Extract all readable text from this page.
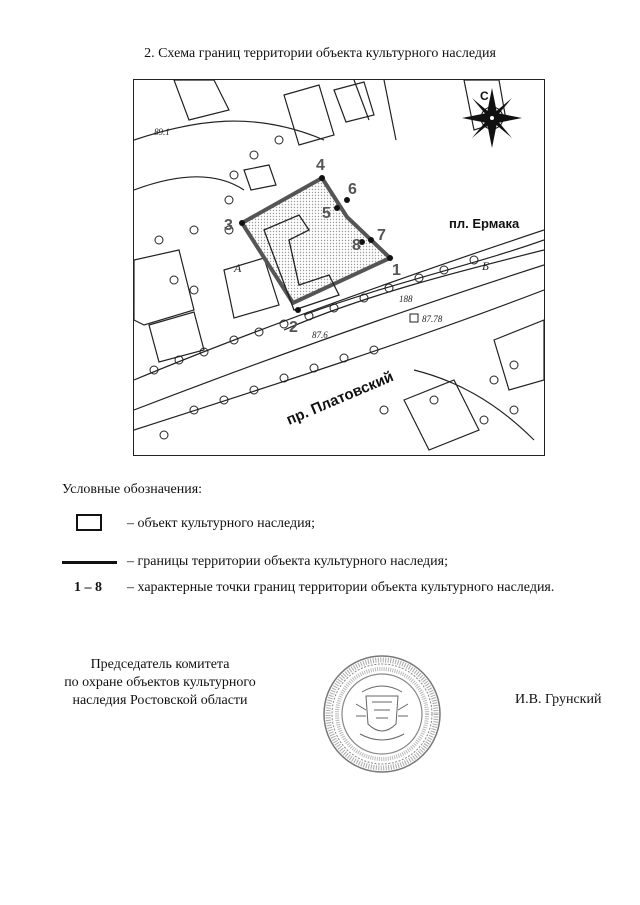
2. Схема границ территории объекта культурного наследия
1
2
3
4
5
6
7
8
пл. Ермака
пр. Платовский
89.1
87.6
87.78
188
А	Б
С
Условные обозначения:
– объект культурного наследия;
– границы территории объекта культурного наследия;
1 – 8 – характерные точки границ территории объекта культурного наследия.
Председатель комитета
по охране объектов культурного
наследия Ростовской области	И.В. Грунский
